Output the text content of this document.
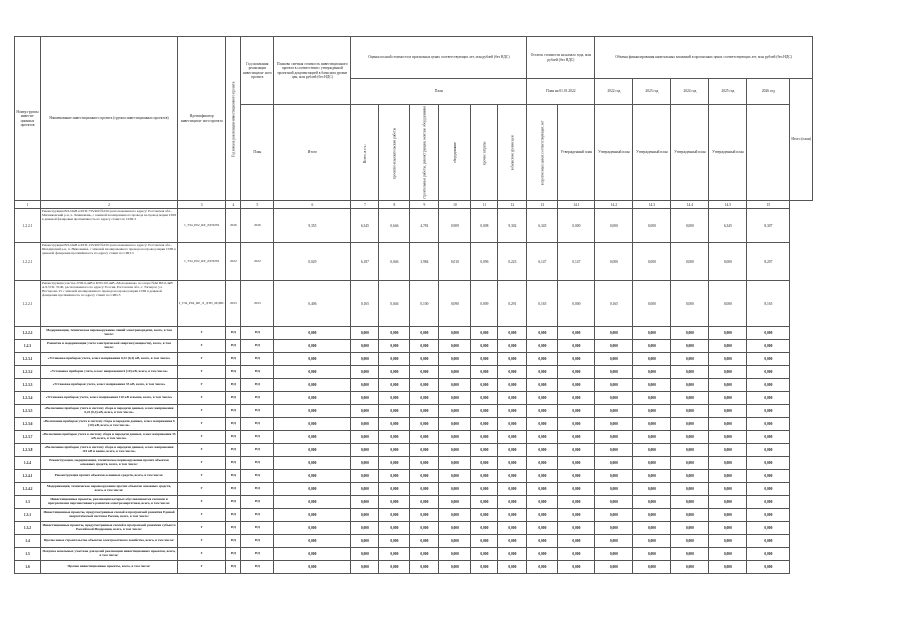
Номер группы инвести- ционных проектов	Наименование инвестиционного проекта (группы инвестиционных проектов)	Идентификатор инвестицион- ного проекта	Год начала реализации инвестиционного проекта	Год окончания реализации инвестицион- ного проекта	Планово сметная стоимость инвестиционного проекта в соответствии с утвержденной проектной документацией в базисном уровне цен, млн рублей (без НДС)	Оценка полной стоимости в прогнозных ценах соответствующих лет, млн рублей (без НДС)						Остаток стоимости на начало года, млн рублей (без НДС)		Объемы финансирования капитальных вложений в прогнозных ценах соответствующих лет, млн рублей (без НДС)					
						План						План на 01.01.2022		2022 год	2023 год	2024 год	2025 год	2026 год	Итого (план)
				План	Итого	Всего, в т.ч.:	проектно-изыскательские работы	строительные работы, реконструкция, монтаж оборудования	оборудование	прочие затраты	в базисном уровне цен	в прогнозных ценах соответствующих лет	Утвержденный план	Утвержденный план	Утвержденный план	Утвержденный план	Утвержденный план		
1	2	3	4	5	6	7	8	9	10	11	12	13	14.1	14.2	14.3	14.4	14.5	15	
1.2.2.1	Реконструкция ВЛ-10кВ в КТП-735/400 №259 расположенная по адресу: Ростовская обл., Мясниковский р-н, х. Ленинавань, с заменой изолированного провода на провод марки СИП в деньмой фазировки протяжённость по адресу ставит по СИП-3	I_T34_P02_RP_ДТП259	2026	2026	9,355	6,345	0,646	4,781	0,909	0,008	9,302	6,345	0,000	0,000	0,000	0,000	6,345	8,307	
1.2.2.1	Реконструкция ВЛ-10кВ в КТП-135/400 №259 расположенная по адресу: Ростовская обл., Шахдинский р-н, п. Николаевка, с заменой изолированного провода на провод марки СИП в деньмой фазировки протяжённость по адресу ставит по СИП-3	I_T34_P02_RP_ДТП259	2022	2022	0,029	6,187	0,046	3,984	0,010	0,096	0,223	6,147	0,147	0,000	0,000	0,000	0,000	8,207	
1.2.2.1	Реконструкция участка ЛЭП-0,4кВ в КТП-0/0,4кВ «Молодежная» по опоре №62 ВЛ-0,4кВ АЛ-3 ПС ТСЖ, расположенного по адресу: Россия, Ростовская обл., г. Таганрог, ул. Нестерова, 25 с заменой изолированного провода на провод марки СИП в деньмой фазировки протяжённость по адресу ставит по СИП-3	I_T34_P04_RP_Л_ДТП_МДПС	2023	2023	0,406	0,165	0,046	0,100	0,090	0,009	0,291	0,165	0,000	0,165	0,000	0,000	0,000	8,165	
1.2.2.2	Модернизация, техническое перевооружение линий электропередачи, всего, в том числе:	Г	НД	НД	0,000	0,000	0,000	0,000	0,000	0,000	0,000	0,000	0,000	0,000	0,000	0,000	0,000	0,000	
1.2.3	Развитие и модернизация учета электрической энергии (мощности), всего, в том числе:	Г	НД	НД	0,000	0,000	0,000	0,000	0,000	0,000	0,000	0,000	0,000	0,000	0,000	0,000	0,000	0,000	
1.2.3.1	«Установка приборов учета, класс напряжения 0,22 (0,4) кВ, всего, в том числе»	Г	НД	НД	0,000	0,000	0,000	0,000	0,000	0,000	0,000	0,000	0,000	0,000	0,000	0,000	0,000	0,000	
1.2.3.2	«Установка приборов учета, класс напряжения 6 (10) кВ, всего, в том числе»	Г	НД	НД	0,000	0,000	0,000	0,000	0,000	0,000	0,000	0,000	0,000	0,000	0,000	0,000	0,000	0,000	
1.2.3.3	«Установка приборов учета, класс напряжения 35 кВ, всего, в том числе»	Г	НД	НД	0,000	0,000	0,000	0,000	0,000	0,000	0,000	0,000	0,000	0,000	0,000	0,000	0,000	0,000	
1.2.3.4	«Установка приборов учета, класс напряжения 110 кВ и выше, всего, в том числе»	Г	НД	НД	0,000	0,000	0,000	0,000	0,000	0,000	0,000	0,000	0,000	0,000	0,000	0,000	0,000	0,000	
1.2.3.5	«Включение приборов учета в систему сбора и передачи данных, класс напряжения 0,22 (0,4) кВ, всего, в том числе»	Г	НД	НД	0,000	0,000	0,000	0,000	0,000	0,000	0,000	0,000	0,000	0,000	0,000	0,000	0,000	0,000	
1.2.3.6	«Включение приборов учета в систему сбора и передачи данных, класс напряжения 6 (10) кВ, всего, в том числе»	Г	НД	НД	0,000	0,000	0,000	0,000	0,000	0,000	0,000	0,000	0,000	0,000	0,000	0,000	0,000	0,000	
1.2.3.7	«Включение приборов учета в систему сбора и передачи данных, класс напряжения 35 кВ, всего, в том числе»	Г	НД	НД	0,000	0,000	0,000	0,000	0,000	0,000	0,000	0,000	0,000	0,000	0,000	0,000	0,000	0,000	
1.2.3.8	«Включение приборов учета в систему сбора и передачи данных, класс напряжения 110 кВ и выше, всего, в том числе»	Г	НД	НД	0,000	0,000	0,000	0,000	0,000	0,000	0,000	0,000	0,000	0,000	0,000	0,000	0,000	0,000	
1.2.4	Реконструкция, модернизация, техническое перевооружение прочих объектов основных средств, всего, в том числе:	Г	НД	НД	0,000	0,000	0,000	0,000	0,000	0,000	0,000	0,000	0,000	0,000	0,000	0,000	0,000	0,000	
1.2.4.1	Реконструкция прочих объектов основных средств, всего, в том числе:	Г	НД	НД	0,000	0,000	0,000	0,000	0,000	0,000	0,000	0,000	0,000	0,000	0,000	0,000	0,000	0,000	
1.2.4.2	Модернизация, техническое перевооружение прочих объектов основных средств, всего, в том числе:	Г	НД	НД	0,000	0,000	0,000	0,000	0,000	0,000	0,000	0,000	0,000	0,000	0,000	0,000	0,000	0,000	
1.3	Инвестиционные проекты, реализация которых обуславливается схемами и программами перспективного развития электроэнергетики, всего, в том числе:	Г	НД	НД	0,000	0,000	0,000	0,000	0,000	0,000	0,000	0,000	0,000	0,000	0,000	0,000	0,000	0,000	
1.3.1	Инвестиционные проекты, предусмотренные схемой и программой развития Единой энергетической системы России, всего, в том числе:	Г	НД	НД	0,000	0,000	0,000	0,000	0,000	0,000	0,000	0,000	0,000	0,000	0,000	0,000	0,000	0,000	
1.3.2	Инвестиционные проекты, предусмотренные схемой и программой развития субъекта Российской Федерации, всего, в том числе:	Г	НД	НД	0,000	0,000	0,000	0,000	0,000	0,000	0,000	0,000	0,000	0,000	0,000	0,000	0,000	0,000	
1.4	Прочее новое строительство объектов электросетевого хозяйства, всего, в том числе:	Г	НД	НД	0,000	0,000	0,000	0,000	0,000	0,000	0,000	0,000	0,000	0,000	0,000	0,000	0,000	0,000	
1.5	Покупка земельных участков для целей реализации инвестиционных проектов, всего, в том числе:	Г	НД	НД	0,000	0,000	0,000	0,000	0,000	0,000	0,000	0,000	0,000	0,000	0,000	0,000	0,000	0,000	
1.6	Прочие инвестиционные проекты, всего, в том числе:	Г	НД	НД	0,000	0,000	0,000	0,000	0,000	0,000	0,000	0,000	0,000	0,000	0,000	0,000	0,000	0,000	
